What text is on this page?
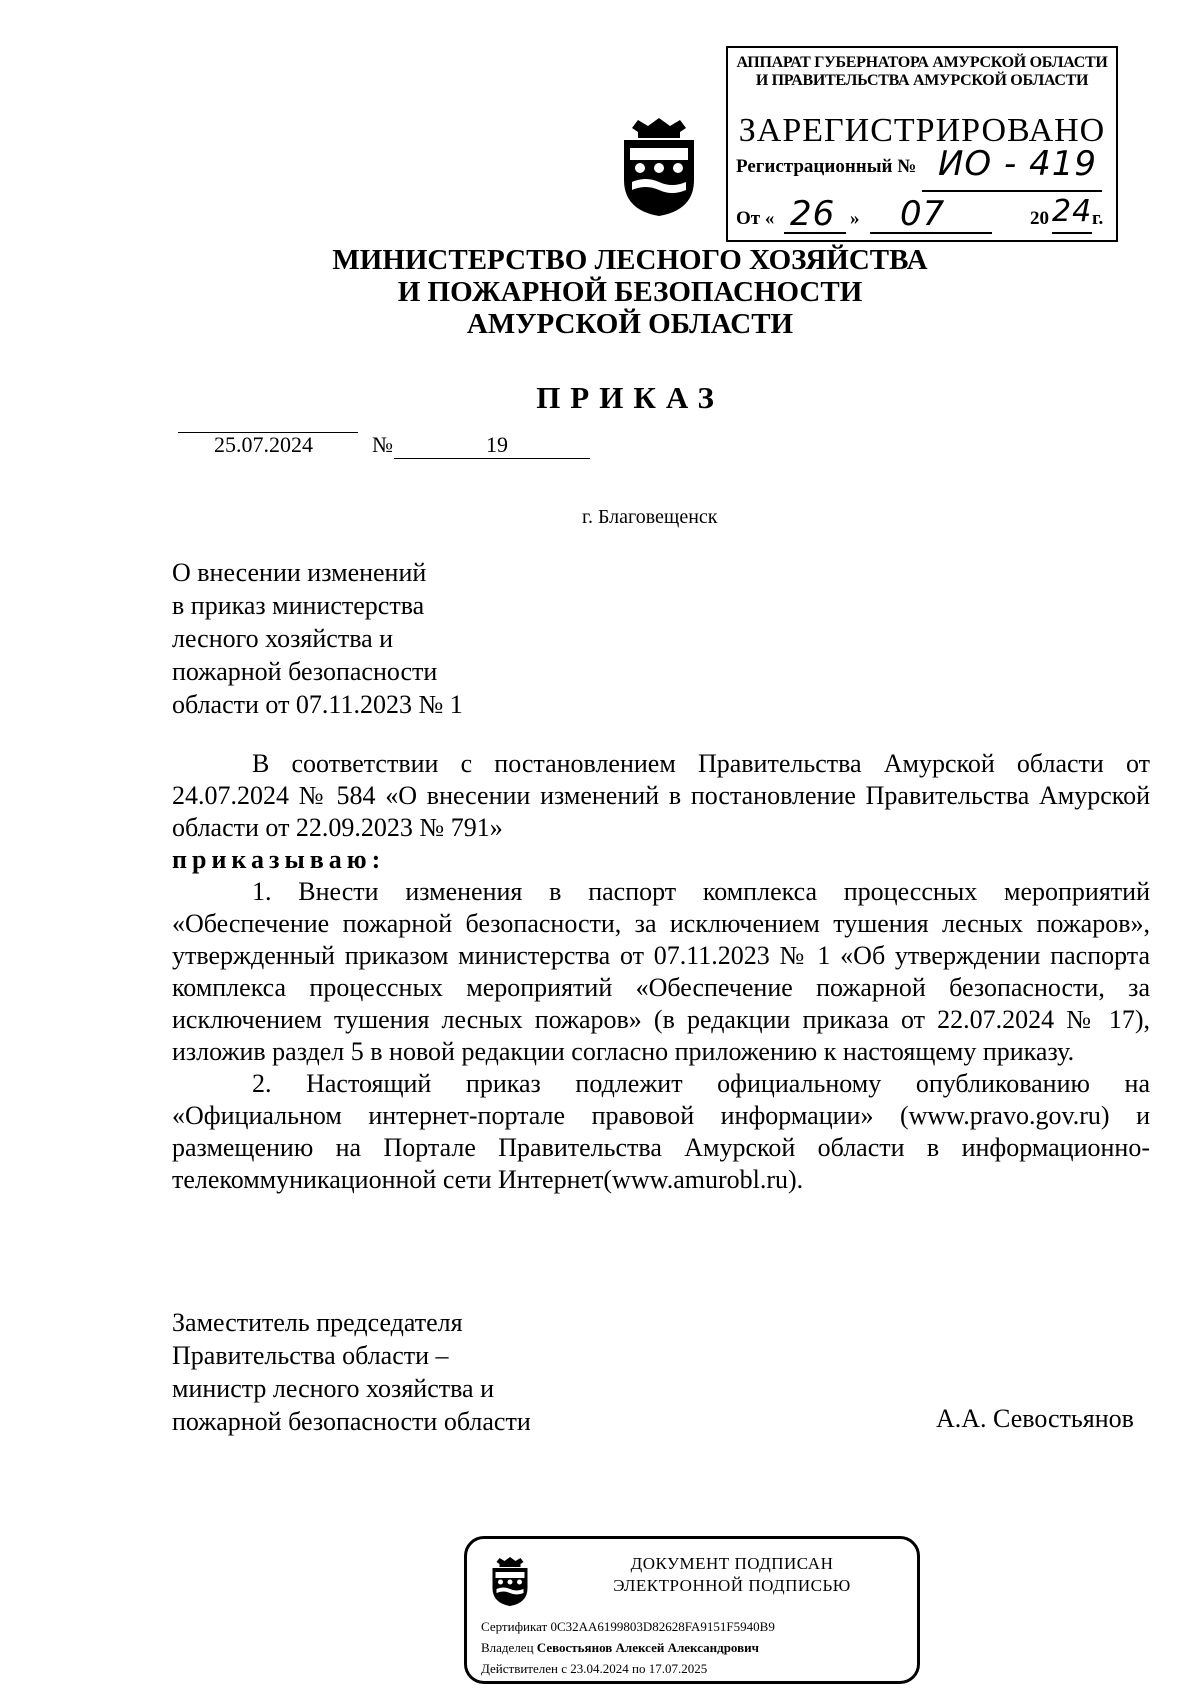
АППАРАТ ГУБЕРНАТОРА АМУРСКОЙ ОБЛАСТИ
И ПРАВИТЕЛЬСТВА АМУРСКОЙ ОБЛАСТИ
ЗАРЕГИСТРИРОВАНО
Регистрационный № ИО - 419
От « 26 » 07	20 24 г.
МИНИСТЕРСТВО ЛЕСНОГО ХОЗЯЙСТВА
И ПОЖАРНОЙ БЕЗОПАСНОСТИ
АМУРСКОЙ ОБЛАСТИ
ПРИКАЗ
25.07.2024	№	19
г. Благовещенск
О внесении изменений
в приказ министерства
лесного хозяйства и
пожарной безопасности
области от 07.11.2023 № 1

В соответствии с постановлением Правительства Амурской области от 24.07.2024 № 584 «О внесении изменений в постановление Правительства Амурской области от 22.09.2023 № 791»

приказываю:

1. Внести изменения в паспорт комплекса процессных мероприятий «Обеспечение пожарной безопасности, за исключением тушения лесных пожаров», утвержденный приказом министерства от 07.11.2023 № 1 «Об утверждении паспорта комплекса процессных мероприятий «Обеспечение пожарной безопасности, за исключением тушения лесных пожаров» (в редакции приказа от 22.07.2024 № 17), изложив раздел 5 в новой редакции согласно приложению к настоящему приказу.

2. Настоящий приказ подлежит официальному опубликованию на «Официальном интернет-портале правовой информации» (www.pravo.gov.ru) и размещению на Портале Правительства Амурской области в информационно-телекоммуникационной сети Интернет(www.amurobl.ru).

Заместитель председателя
Правительства области –
министр лесного хозяйства и
пожарной безопасности области	А.А. Севостьянов
ДОКУМЕНТ ПОДПИСАН
ЭЛЕКТРОННОЙ ПОДПИСЬЮ
Сертификат 0C32AA6199803D82628FA9151F5940B9
Владелец Севостьянов Алексей Александрович
Действителен с 23.04.2024 по 17.07.2025
